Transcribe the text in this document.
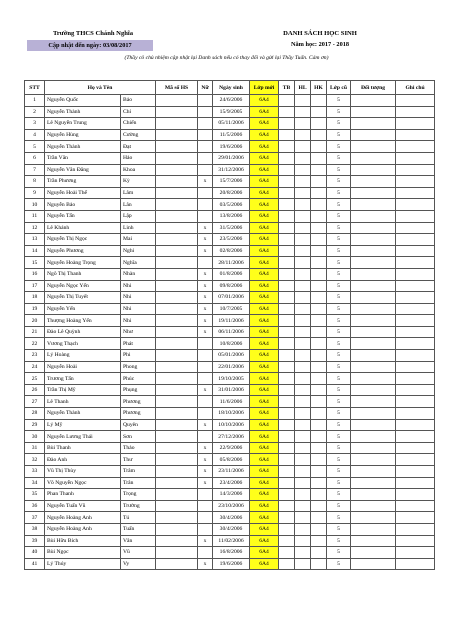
Trường THCS Chánh Nghĩa
Cập nhật đến ngày: 03/08/2017
DANH SÁCH HỌC SINH
Năm học: 2017 - 2018
(Thầy cô chủ nhiệm cập nhật lại Danh sách nếu có thay đổi và gửi lại Thầy Tuấn. Cám ơn)
STT	Họ và Tên		Mã số HS	Nữ	Ngày sinh	Lớp mới	TB	HL	HK	Lớp cũ	Đối tượng	Ghi chú
1	Nguyễn Quốc	Bảo			24/6/2006	6A4				5		
2	Nguyễn Thành	Chí			15/9/2005	6A4				5		
3	Lê Nguyễn Trung	Chiến			05/11/2006	6A4				5		
4	Nguyễn Hùng	Cường			11/5/2006	6A4				5		
5	Nguyễn Thành	Đạt			19/6/2006	6A4				5		
6	Trần Văn	Hảo			29/01/2006	6A4				5		
7	Nguyễn Văn Đăng	Khoa			31/12/2006	6A4				5		
8	Trần Phương	Kỳ		x	15/7/2006	6A4				5		
9	Nguyễn Hoài Thế	Lâm			20/8/2006	6A4				5		
10	Nguyễn Bảo	Lân			03/5/2006	6A4				5		
11	Nguyễn Tấn	Lập			13/8/2006	6A4				5		
12	Lê Khánh	Linh		x	31/5/2006	6A4				5		
13	Nguyễn Thị Ngọc	Mai		x	23/5/2006	6A4				5		
14	Nguyễn Phương	Nghi		x	02/8/2006	6A4				5		
15	Nguyễn Hoàng Trọng	Nghĩa			28/11/2006	6A4				5		
16	Ngô Thị Thanh	Nhàn		x	01/8/2006	6A4				5		
17	Nguyễn Ngọc Yến	Nhi		x	09/8/2006	6A4				5		
18	Nguyễn Thị Tuyết	Nhi		x	07/01/2006	6A4				5		
19	Nguyễn Yến	Nhi		x	10/7/2005	6A4				5		
20	Thượng Hoàng Yến	Nhi		x	19/11/2006	6A4				5		
21	Đào Lê Quỳnh	Như		x	06/11/2006	6A4				5		
22	Vương Thạch	Phát			10/8/2006	6A4				5		
23	Lý Hoàng	Phi			05/01/2006	6A4				5		
24	Nguyễn Hoài	Phong			22/01/2006	6A4				5		
25	Trương Tấn	Phúc			19/10/2005	6A4				5		
26	Trần Thị Mỹ	Phụng		x	31/01/2006	6A4				5		
27	Lê Thanh	Phương			11/6/2006	6A4				5		
28	Nguyễn Thành	Phương			18/10/2006	6A4				5		
29	Lý Mỹ	Quyên		x	10/10/2006	6A4				5		
30	Nguyễn Lương Thái	Sơn			27/12/2006	6A4				5		
31	Bùi Thanh	Thảo		x	22/9/2006	6A4				5		
32	Đào Anh	Thư		x	05/8/2006	6A4				5		
33	Vũ Thị Thùy	Trâm		x	23/11/2006	6A4				5		
34	Võ Nguyễn Ngọc	Trân		x	23/4/2006	6A4				5		
35	Phan Thanh	Trọng			14/3/2006	6A4				5		
36	Nguyễn Tuấn Vũ	Trường			23/10/2006	6A4				5		
37	Nguyễn Hoàng Anh	Tú			30/4/2006	6A4				5		
38	Nguyễn Hoàng Anh	Tuấn			30/4/2006	6A4				5		
39	Bùi Hữu Bích	Vân		x	11/02/2006	6A4				5		
40	Bùi Ngọc	Vũ			16/8/2006	6A4				5		
41	Lý Thúy	Vy		x	19/6/2006	6A4				5		
